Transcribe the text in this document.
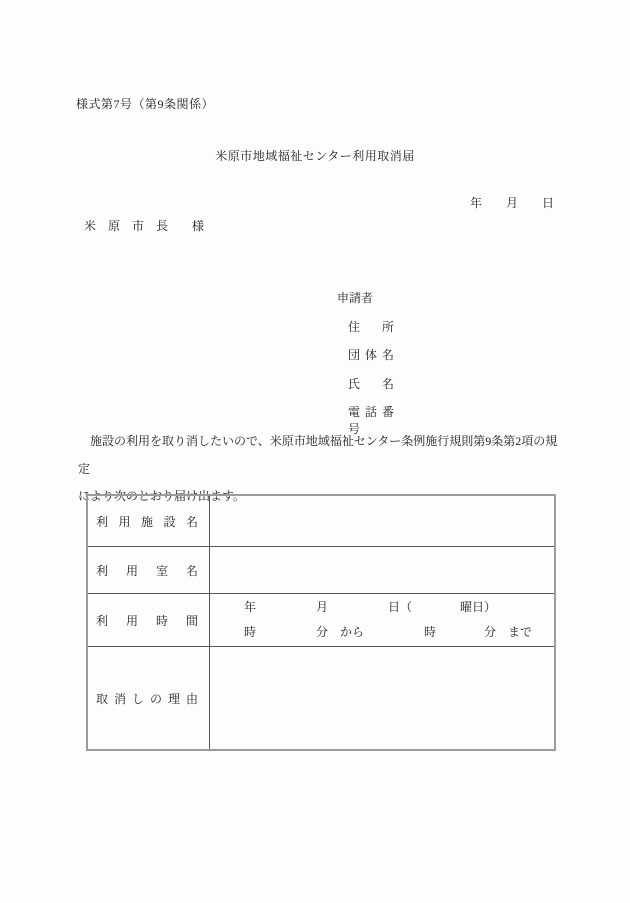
様式第7号（第9条関係）
米原市地域福祉センター利用取消届
年　　月　　日
米　原　市　長　　様
申請者
住所
団体名
氏名
電話番号
　施設の利用を取り消したいので、米原市地域福祉センター条例施行規則第9条第2項の規定
により次のとおり届け出ます。
利用施設名	
利用室名	
利用時間	年　　　　　月　　　　　日（　　　　曜日）
時　　　　　分　から　　　　　時　　　　分　まで

取消しの理由	
